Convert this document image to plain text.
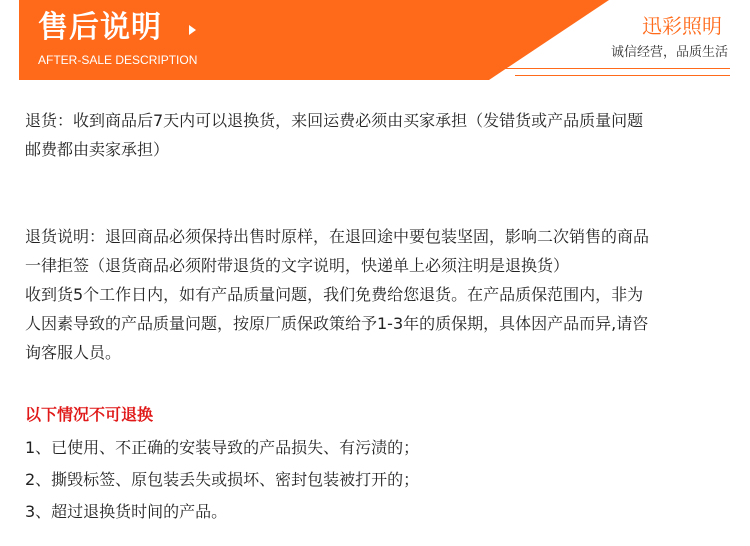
售后说明
AFTER-SALE DESCRIPTION
迅彩照明
诚信经营，品质生活

退货：收到商品后7天内可以退换货，来回运费必须由买家承担（发错货或产品质量问题

邮费都由卖家承担）

退货说明：退回商品必须保持出售时原样，在退回途中要包装坚固，影响二次销售的商品

一律拒签（退货商品必须附带退货的文字说明，快递单上必须注明是退换货）

收到货5个工作日内，如有产品质量问题，我们免费给您退货。在产品质保范围内，非为

人因素导致的产品质量问题，按原厂质保政策给予1-3年的质保期，具体因产品而异,请咨

询客服人员。

以下情况不可退换

1、已使用、不正确的安装导致的产品损失、有污渍的；
2、撕毁标签、原包装丢失或损坏、密封包装被打开的；
3、超过退换货时间的产品。
